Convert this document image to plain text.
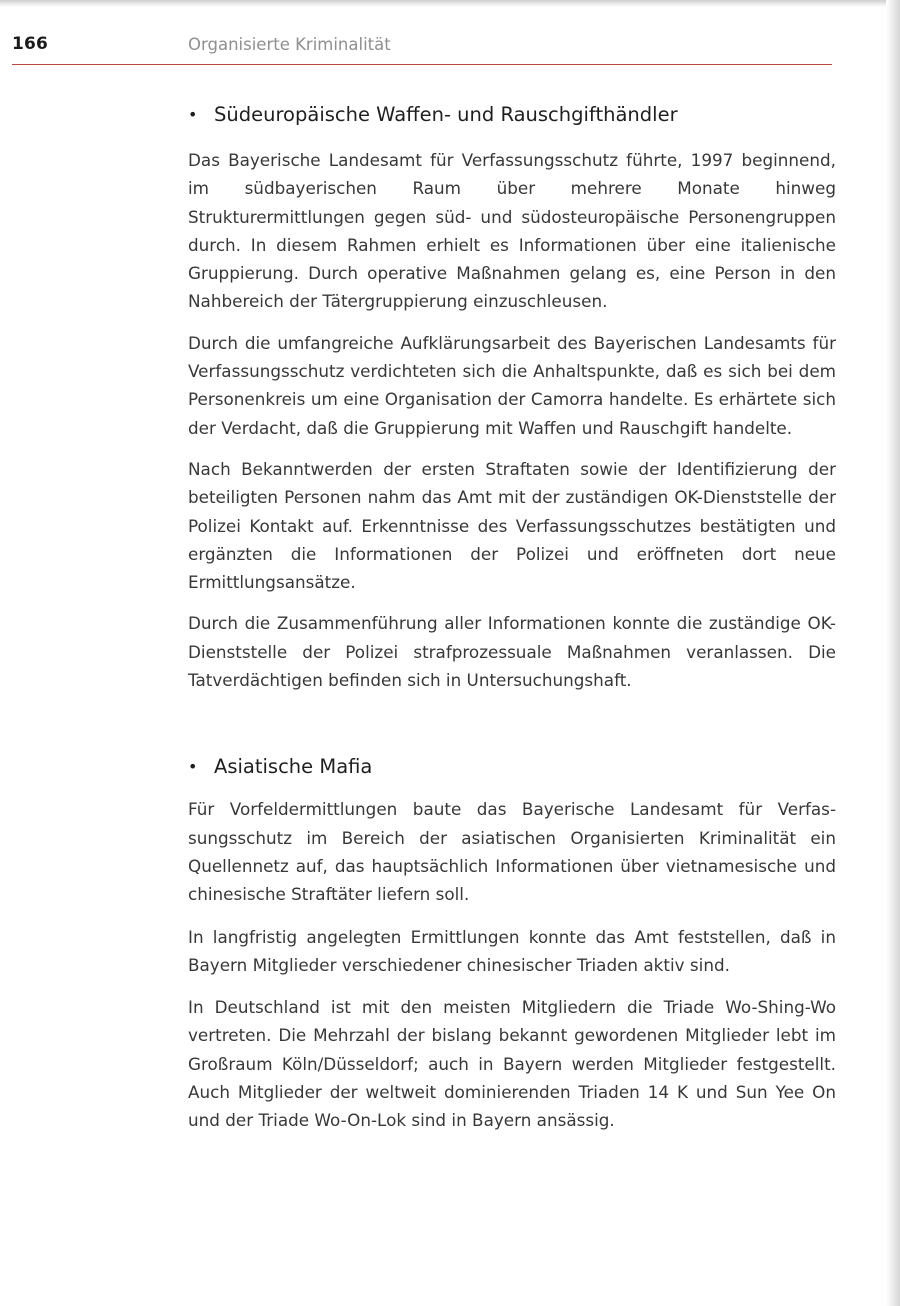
166	Organisierte Kriminalität
• Südeuropäische Waffen- und Rauschgifthändler

Das Bayerische Landesamt für Verfassungsschutz führte, 1997 beginnend, im südbayerischen Raum über mehrere Monate hinweg Strukturermittlungen gegen süd- und südosteuropäische Personengruppen durch. In diesem Rahmen erhielt es Informationen über eine italienische Gruppierung. Durch operative Maßnahmen gelang es, eine Person in den Nahbereich der Tätergruppierung einzuschleusen.

Durch die umfangreiche Aufklärungsarbeit des Bayerischen Landesamts für Verfassungsschutz verdichteten sich die Anhaltspunkte, daß es sich bei dem Personenkreis um eine Organisation der Camorra handelte. Es erhärtete sich der Verdacht, daß die Gruppierung mit Waffen und Rauschgift handelte.

Nach Bekanntwerden der ersten Straftaten sowie der Identifizierung der beteiligten Personen nahm das Amt mit der zuständigen OK-Dienststelle der Polizei Kontakt auf. Erkenntnisse des Verfassungsschutzes bestätigten und ergänzten die Informationen der Polizei und eröffneten dort neue Ermittlungsansätze.

Durch die Zusammenführung aller Informationen konnte die zuständige OK-Dienststelle der Polizei strafprozessuale Maßnahmen veranlassen. Die Tatverdächtigen befinden sich in Untersuchungshaft.

• Asiatische Mafia

Für Vorfeldermittlungen baute das Bayerische Landesamt für Verfassungsschutz im Bereich der asiatischen Organisierten Kriminalität ein Quellennetz auf, das hauptsächlich Informationen über vietnamesische und chinesische Straftäter liefern soll.

In langfristig angelegten Ermittlungen konnte das Amt feststellen, daß in Bayern Mitglieder verschiedener chinesischer Triaden aktiv sind.

In Deutschland ist mit den meisten Mitgliedern die Triade Wo-Shing-Wo vertreten. Die Mehrzahl der bislang bekannt gewordenen Mitglieder lebt im Großraum Köln/Düsseldorf; auch in Bayern werden Mitglieder festgestellt. Auch Mitglieder der weltweit dominierenden Triaden 14 K und Sun Yee On und der Triade Wo-On-Lok sind in Bayern ansässig.
